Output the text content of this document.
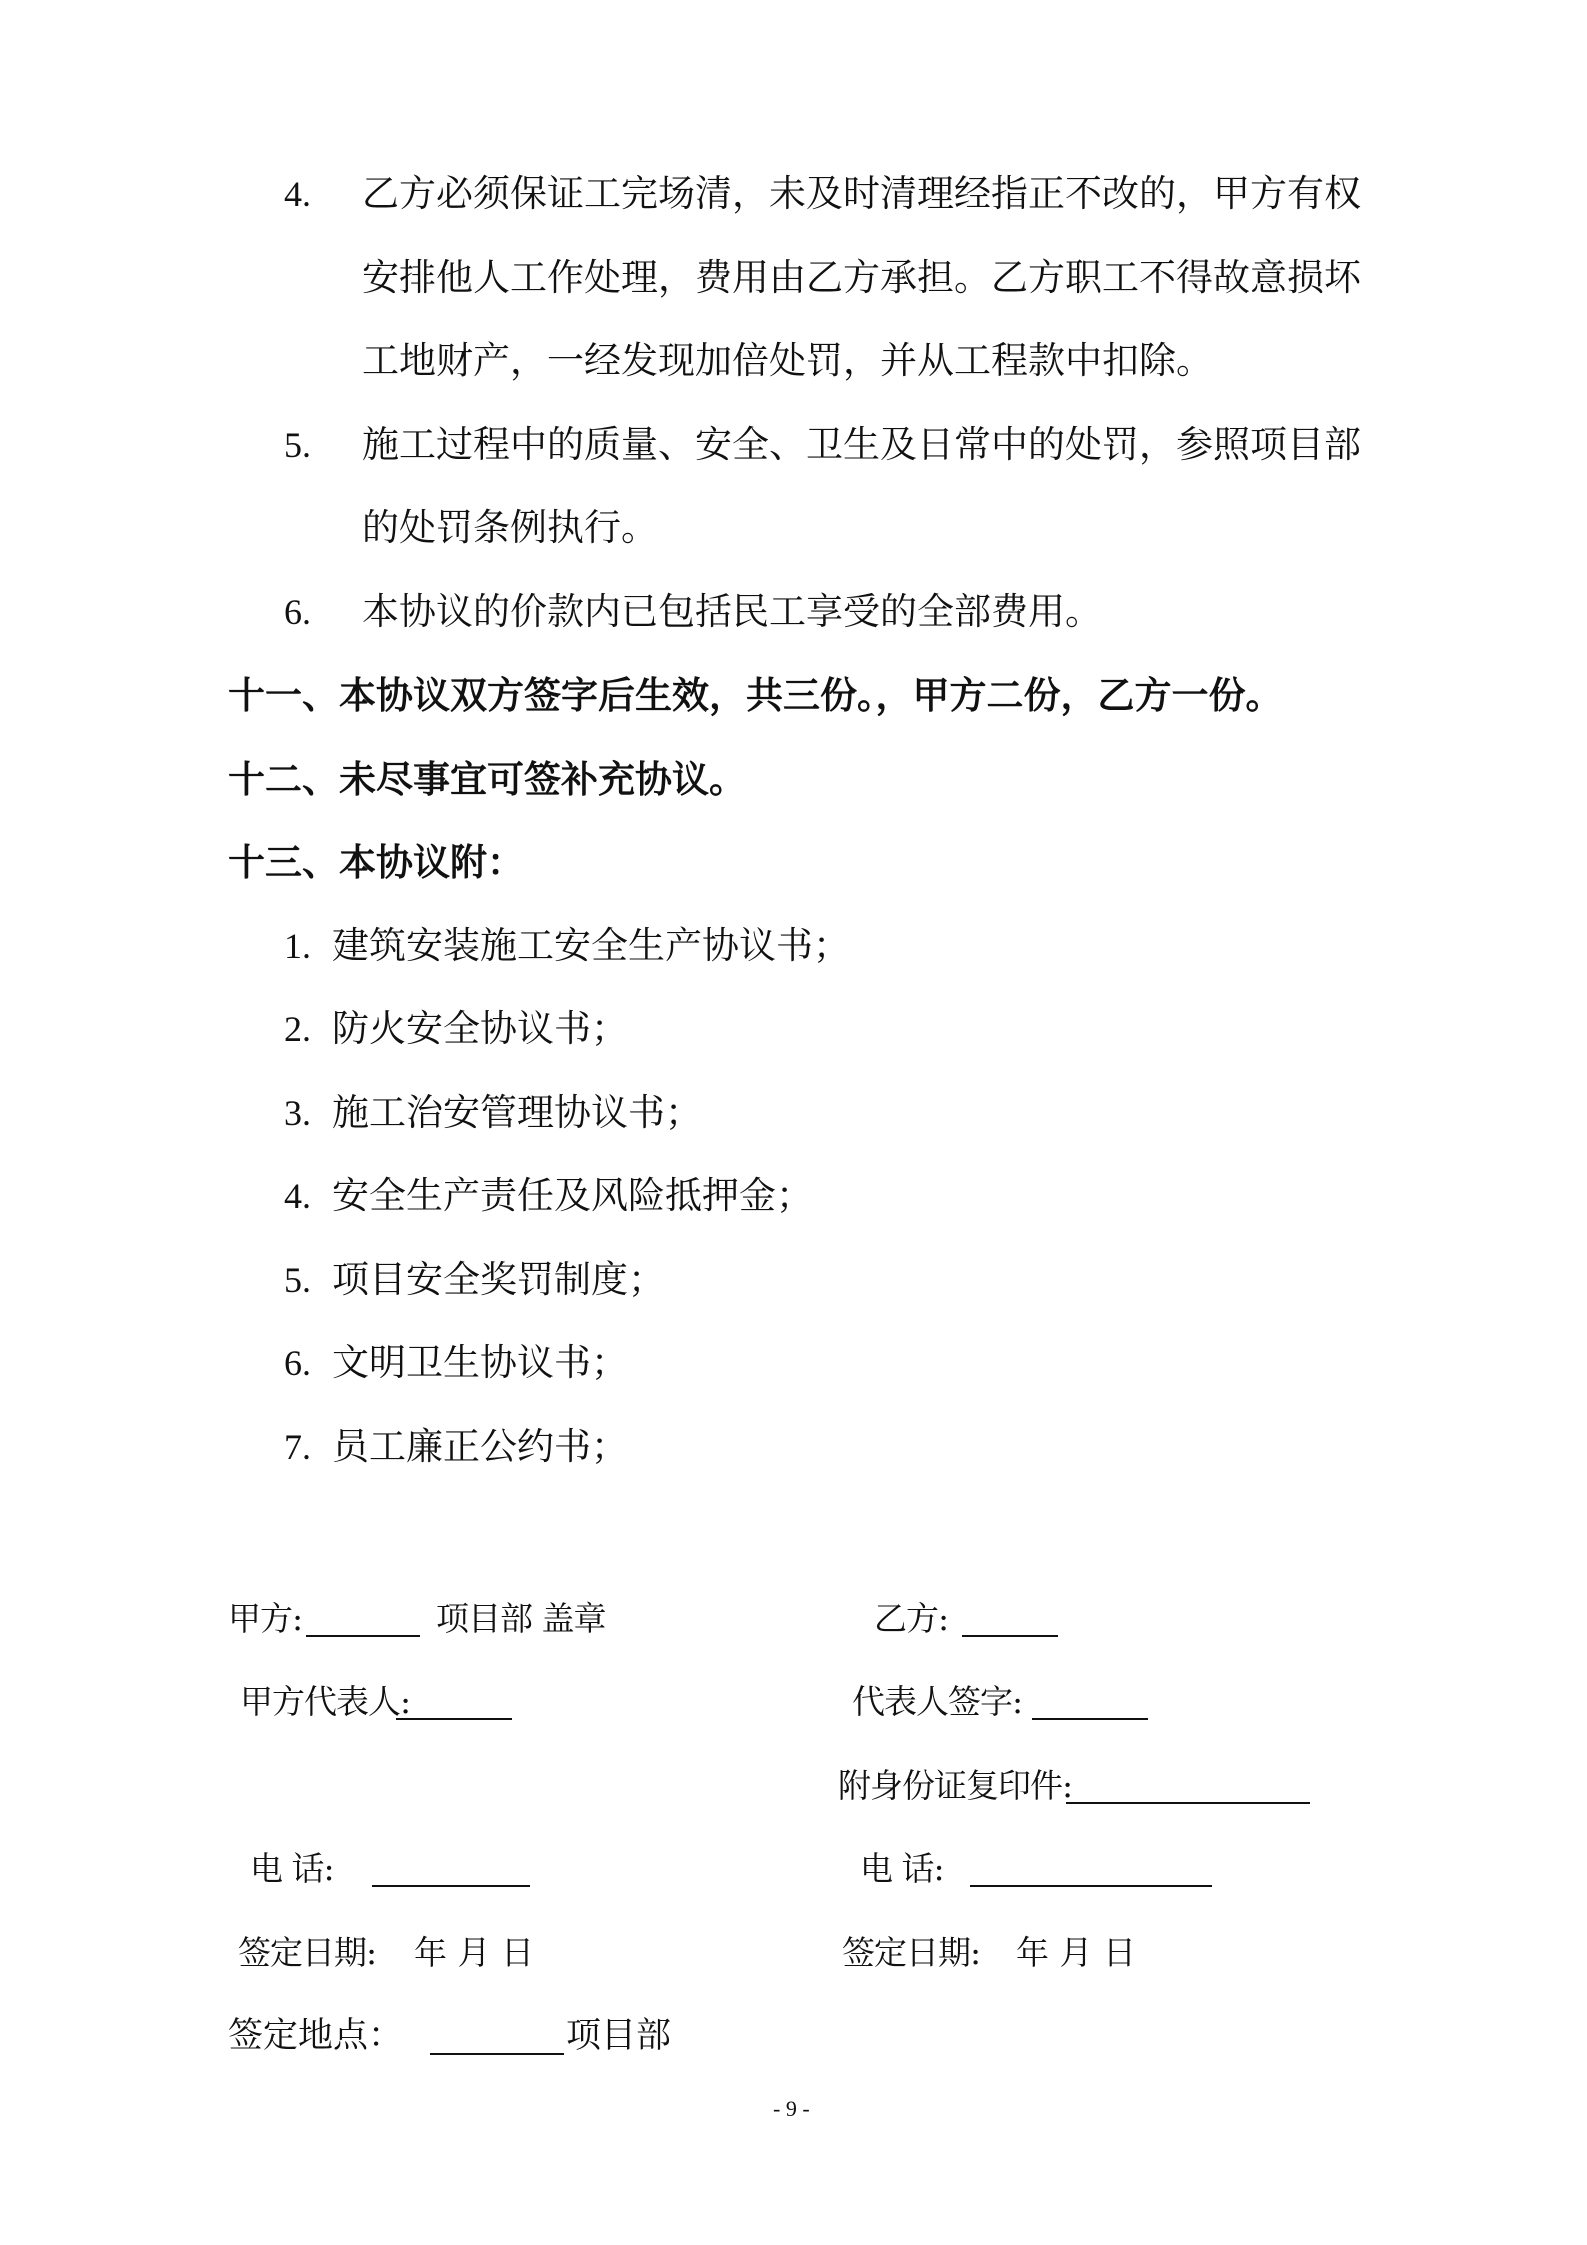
4. 乙方必须保证工完场清，未及时清理经指正不改的，甲方有权
安排他人工作处理，费用由乙方承担。乙方职工不得故意损坏
工地财产，一经发现加倍处罚，并从工程款中扣除。
5. 施工过程中的质量、安全、卫生及日常中的处罚，参照项目部
的处罚条例执行。
6. 本协议的价款内已包括民工享受的全部费用。
十一、本协议双方签字后生效，共三份。，甲方二份，乙方一份。
十二、未尽事宜可签补充协议。
十三、本协议附：
1. 建筑安装施工安全生产协议书；
2. 防火安全协议书；
3. 施工治安管理协议书；
4. 安全生产责任及风险抵押金；
5. 项目安全奖罚制度；
6. 文明卫生协议书；
7. 员工廉正公约书；
甲方:	项目部 盖章	乙方:
甲方代表人:	代表人签字:
附身份证复印件:
电 话:	电 话:
签定日期: 年 月 日	签定日期: 年 月 日
签定地点：	项目部
- 9 -
